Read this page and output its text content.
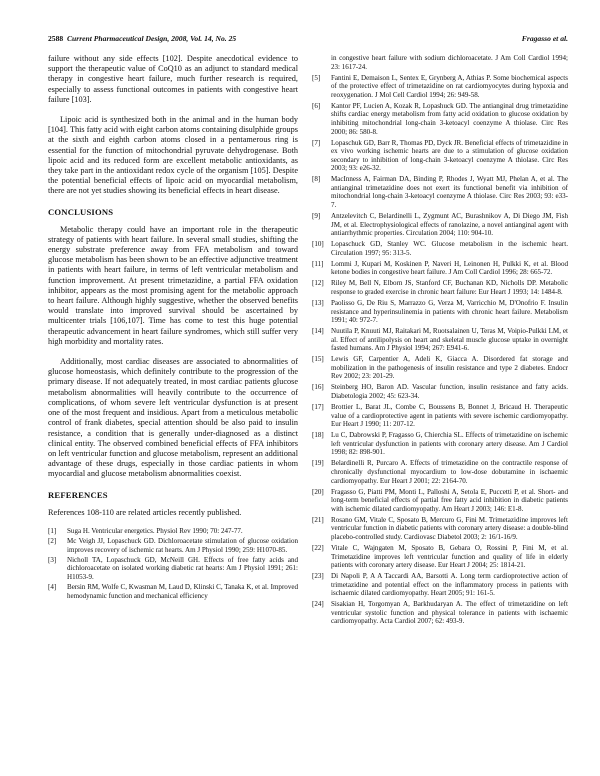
2588 Current Pharmaceutical Design, 2008, Vol. 14, No. 25	Fragasso et al.

failure without any side effects [102]. Despite anecdotical evidence to support the therapeutic value of CoQ10 as an adjunct to standard medical therapy in congestive heart failure, much further research is required, especially to assess functional outcomes in patients with congestive heart failure [103].

Lipoic acid is synthesized both in the animal and in the human body [104]. This fatty acid with eight carbon atoms containing disulphide groups at the sixth and eighth carbon atoms closed in a pentamerous ring is essential for the function of mitochondrial pyruvate dehydrogenase. Both lipoic acid and its reduced form are excellent metabolic antioxidants, as they take part in the antioxidant redox cycle of the organism [105]. Despite the potential beneficial effects of lipoic acid on myocardial metabolism, there are not yet studies showing its beneficial effects in heart disease.

CONCLUSIONS

Metabolic therapy could have an important role in the therapeutic strategy of patients with heart failure. In several small studies, shifting the energy substrate preference away from FFA metabolism and toward glucose metabolism has been shown to be an effective adjunctive treatment in patients with heart failure, in terms of left ventricular metabolism and function improvement. At present trimetazidine, a partial FFA oxidation inhibitor, appears as the most promising agent for the metabolic approach to heart failure. Although highly suggestive, whether the observed benefits would translate into improved survival should be ascertained by multicenter trials [106,107]. Time has come to test this huge potential therapeutic advancement in heart failure syndromes, which still suffer very high morbidity and mortality rates.

Additionally, most cardiac diseases are associated to abnormalities of glucose homeostasis, which definitely contribute to the progression of the primary disease. If not adequately treated, in most cardiac patients glucose metabolism abnormalities will heavily contribute to the occurrence of complications, of whom severe left ventricular dysfunction is at present one of the most frequent and insidious. Apart from a meticulous metabolic control of frank diabetes, special attention should be also paid to insulin resistance, a condition that is generally under-diagnosed as a distinct clinical entity. The observed combined beneficial effects of FFA inhibitors on left ventricular function and glucose metabolism, represent an additional advantage of these drugs, especially in those cardiac patients in whom myocardial and glucose metabolism abnormalities coexist.

REFERENCES

References 108-110 are related articles recently published.

[1]	Suga H. Ventricular energetics. Physiol Rev 1990; 70: 247-77.
[2]	Mc Veigh JJ, Lopaschuck GD. Dichloroacetate stimulation of glucose oxidation improves recovery of ischemic rat hearts. Am J Physiol 1990; 259: H1070-85.
[3]	Nicholl TA, Lopaschuck GD, McNeill GH. Effects of free fatty acids and dichloroacetate on isolated working diabetic rat hearts: Am J Physiol 1991; 261: H1053-9.
[4]	Bersin RM, Wolfe C, Kwasman M, Laud D, Klinski C, Tanaka K, et al. Improved hemodynamic function and mechanical efficiency

in congestive heart failure with sodium dichloroacetate. J Am Coll Cardiol 1994; 23: 1617-24.

[5]	Fantini E, Demaison L, Sentex E, Grynberg A, Athias P. Some biochemical aspects of the protective effect of trimetazidine on rat cardiomyocytes during hypoxia and reoxygenation. J Mol Cell Cardiol 1994; 26: 949-58.
[6]	Kantor PF, Lucien A, Kozak R, Lopashuck GD. The antianginal drug trimetazidine shifts cardiac energy metabolism from fatty acid oxidation to glucose oxidation by inhibiting mitochondrial long-chain 3-ketoacyl coenzyme A thiolase. Circ Res 2000; 86: 580-8.
[7]	Lopaschuk GD, Barr R, Thomas PD, Dyck JR. Beneficial effects of trimetazidine in ex vivo working ischemic hearts are due to a stimulation of glucose oxidation secondary to inhibition of long-chain 3-ketoacyl coenzyme A thiolase. Circ Res 2003; 93: e26-32.
[8]	MacInness A, Fairman DA, Binding P, Rhodes J, Wyatt MJ, Phelan A, et al. The antianginal trimetazidine does not exert its functional benefit via inhibition of mitochondrial long-chain 3-ketoacyl coenzyme A thiolase. Circ Res 2003; 93: e33-7.
[9]	Antzelevitch C, Belardinelli L, Zygmunt AC, Burashnikov A, Di Diego JM, Fish JM, et al. Electrophysiological effects of ranolazine, a novel antianginal agent with antiarrhythmic properties. Circulation 2004; 110: 904-10.
[10]	Lopaschuck GD, Stanley WC. Glucose metabolism in the ischemic heart. Circulation 1997; 95: 313-5.
[11]	Lommi J, Kupari M, Koskinen P, Naveri H, Leinonen H, Pulkki K, et al. Blood ketone bodies in congestive heart failure. J Am Coll Cardiol 1996; 28: 665-72.
[12]	Riley M, Bell N, Elborn JS, Stanford CF, Buchanan KD, Nicholls DP. Metabolic response to graded exercise in chronic heart failure: Eur Heart J 1993; 14: 1484-8.
[13]	Paolisso G, De Riu S, Marrazzo G, Verza M, Varricchio M, D'Onofrio F. Insulin resistance and hyperinsulinemia in patients with chronic heart failure. Metabolism 1991; 40: 972-7.
[14]	Nuutila P, Knuuti MJ, Raitakari M, Ruotsalainen U, Teras M, Voipio-Pulkki LM, et al. Effect of antilipolysis on heart and skeletal muscle glucose uptake in overnight fasted humans. Am J Physiol 1994; 267: E941-6.
[15]	Lewis GF, Carpentier A, Adeli K, Giacca A. Disordered fat storage and mobilization in the pathogenesis of insulin resistance and type 2 diabetes. Endocr Rev 2002; 23: 201-29.
[16]	Steinberg HO, Baron AD. Vascular function, insulin resistance and fatty acids. Diabetologia 2002; 45: 623-34.
[17]	Brottier L, Barat JL, Combe C, Boussens B, Bonnet J, Bricaud H. Therapeutic value of a cardioprotective agent in patients with severe ischemic cardiomyopathy. Eur Heart J 1990; 11: 207-12.
[18]	Lu C, Dabrowski P, Fragasso G, Chierchia SL. Effects of trimetazidine on ischemic left ventricular dysfunction in patients with coronary artery disease. Am J Cardiol 1998; 82: 898-901.
[19]	Belardinelli R, Purcaro A. Effects of trimetazidine on the contractile response of chronically dysfunctional myocardium to low-dose dobutamine in ischaemic cardiomyopathy. Eur Heart J 2001; 22: 2164-70.
[20]	Fragasso G, Piatti PM, Monti L, Palloshi A, Setola E, Puccetti P, et al. Short- and long-term beneficial effects of partial free fatty acid inhibition in diabetic patients with ischemic dilated cardiomyopathy. Am Heart J 2003; 146: E1-8.
[21]	Rosano GM, Vitale C, Sposato B, Mercuro G, Fini M. Trimetazidine improves left ventricular function in diabetic patients with coronary artery disease: a double-blind placebo-controlled study. Cardiovasc Diabetol 2003; 2: 16/1-16/9.
[22]	Vitale C, Wajngaten M, Sposato B, Gebara O, Rossini P, Fini M, et al. Trimetazidine improves left ventricular function and quality of life in elderly patients with coronary artery disease. Eur Heart J 2004; 25: 1814-21.
[23]	Di Napoli P, A A Taccardi AA, Barsotti A. Long term cardioprotective action of trimetazidine and potential effect on the inflammatory process in patients with ischaemic dilated cardiomyopathy. Heart 2005; 91: 161-5.
[24]	Sisakian H, Torgomyan A, Barkhudaryan A. The effect of trimetazidine on left ventricular systolic function and physical tolerance in patients with ischaemic cardiomyopathy. Acta Cardiol 2007; 62: 493-9.
